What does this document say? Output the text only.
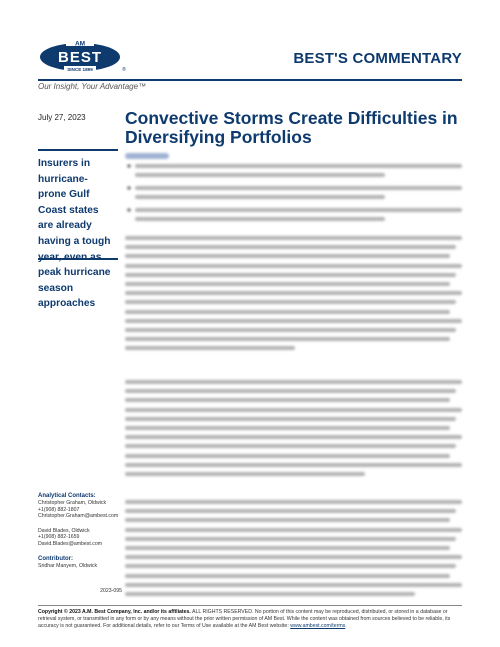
AM
BEST
SINCE 1899	®
BEST'S COMMENTARY
Our Insight, Your Advantage™
July 27, 2023
Insurers in hurricane-prone Gulf Coast states are already having a tough peak hurricane season approaches
Analytical Contacts:
Christopher Graham, Oldwick
+1(908) 882-1807
Christopher.Graham@ambest.com
David Blades, Oldwick
+1(908) 882-1659
David.Blades@ambest.com
Contributor:
Sridhar Manyem, Oldwick
2023-095
Convective Storms Create Difficulties in Diversifying Portfolios
Copyright © 2023 A.M. Best Company, Inc. and/or its affiliates. ALL RIGHTS RESERVED. No portion of this content may be reproduced, distributed, or stored in a database or retrieval system, or transmitted in any form or by any means without the prior written permission of AM Best. While the content was obtained from sources believed to be reliable, its accuracy is not guaranteed. For additional details, refer to our Terms of Use available at the AM Best website: www.ambest.com/terms.
